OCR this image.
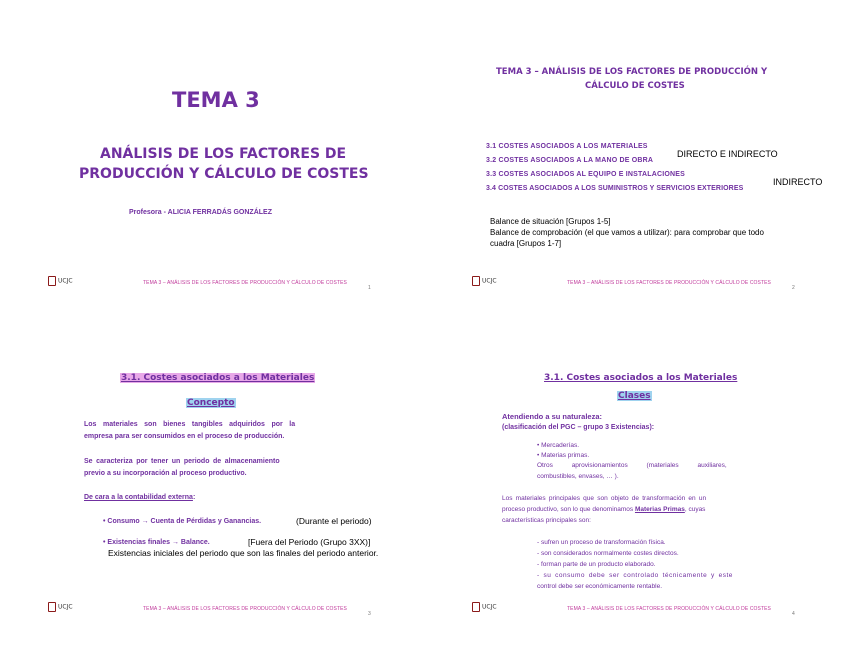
TEMA 3
ANÁLISIS DE LOS FACTORES DE
PRODUCCIÓN Y CÁLCULO DE COSTES
Profesora - ALICIA FERRADÁS GONZÁLEZ
UCJC	TEMA 3 – ANÁLISIS DE LOS FACTORES DE PRODUCCIÓN Y CÁLCULO DE COSTES
1
TEMA 3 – ANÁLISIS DE LOS FACTORES DE PRODUCCIÓN Y
CÁLCULO DE COSTES
3.1 COSTES ASOCIADOS A LOS MATERIALES
3.2 COSTES ASOCIADOS A LA MANO DE OBRA
3.3 COSTES ASOCIADOS AL EQUIPO E INSTALACIONES
3.4 COSTES ASOCIADOS A LOS SUMINISTROS Y SERVICIOS EXTERIORES
DIRECTO E INDIRECTO
INDIRECTO
Balance de situación [Grupos 1-5]
Balance de comprobación (el que vamos a utilizar): para comprobar que todo
cuadra [Grupos 1-7]
UCJC	TEMA 3 – ANÁLISIS DE LOS FACTORES DE PRODUCCIÓN Y CÁLCULO DE COSTES
2
3.1. Costes asociados a los Materiales
Concepto
Los materiales son bienes tangibles adquiridos por la
empresa para ser consumidos en el proceso de producción.
Se caracteriza por tener un periodo de almacenamiento
previo a su incorporación al proceso productivo.
De cara a la contabilidad externa:
• Consumo → Cuenta de Pérdidas y Ganancias.	(Durante el periodo)
• Existencias finales → Balance.	[Fuera del Periodo (Grupo 3XX)]
Existencias iniciales del periodo que son las finales del periodo anterior.
UCJC	TEMA 3 – ANÁLISIS DE LOS FACTORES DE PRODUCCIÓN Y CÁLCULO DE COSTES
3
3.1. Costes asociados a los Materiales
Clases
Atendiendo a su naturaleza:
(clasificación del PGC – grupo 3 Existencias):
• Mercaderías.
• Materias primas.
Otros aprovisionamientos (materiales auxiliares,
combustibles, envases, … ).
Los materiales principales que son objeto de transformación en un
proceso productivo, son lo que denominamos Materias Primas, cuyas
características principales son:
- sufren un proceso de transformación física.
- son considerados normalmente costes directos.
- forman parte de un producto elaborado.
- su consumo debe ser controlado técnicamente y este
control debe ser económicamente rentable.
UCJC	TEMA 3 – ANÁLISIS DE LOS FACTORES DE PRODUCCIÓN Y CÁLCULO DE COSTES
4
